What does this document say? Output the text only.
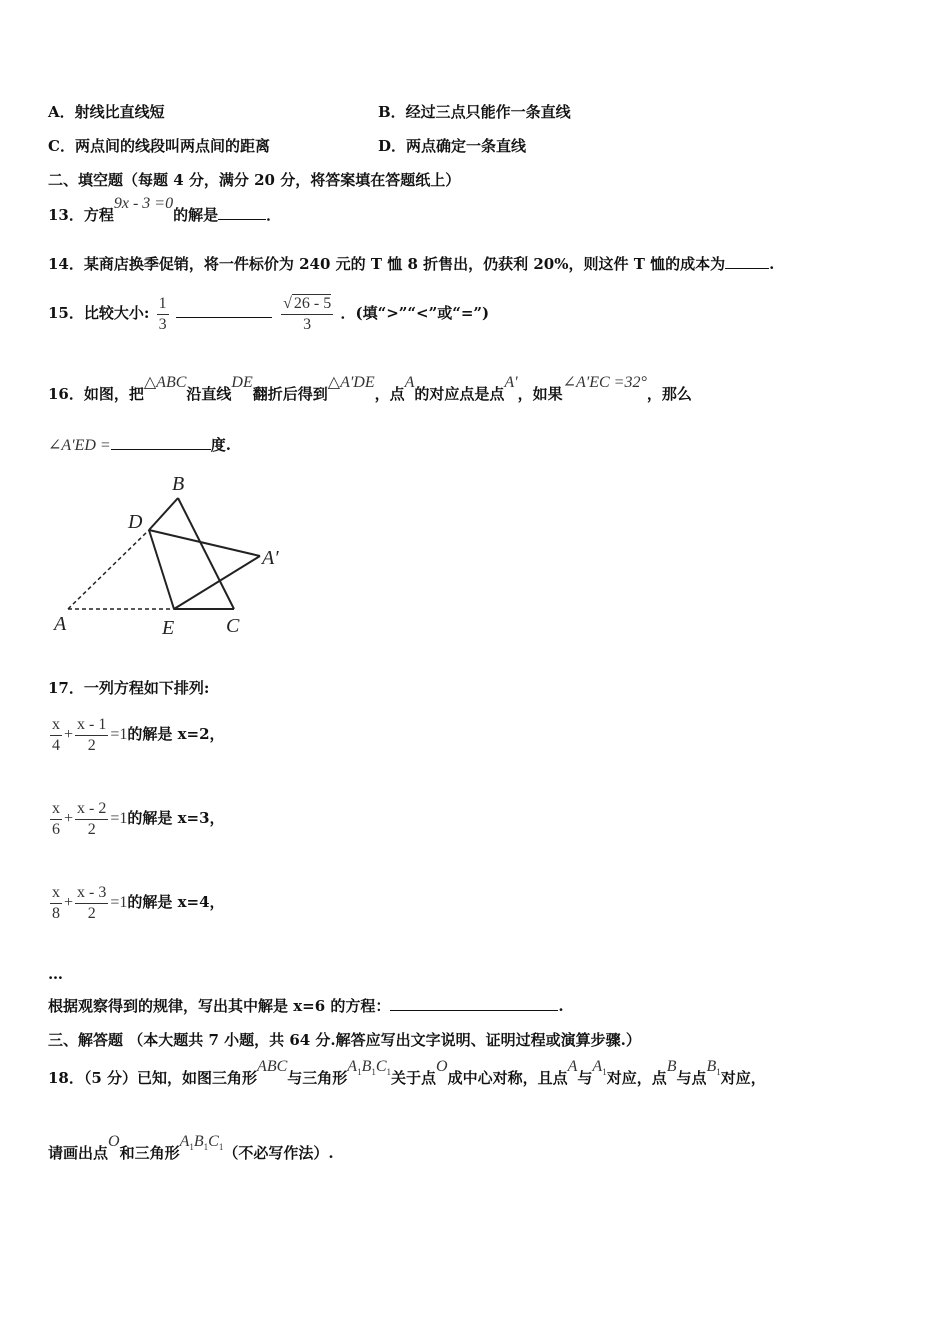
A．射线比直线短	B．经过三点只能作一条直线
C．两点间的线段叫两点间的距离	D．两点确定一条直线
二、填空题（每题 4 分，满分 20 分，将答案填在答题纸上）
13．方程9x - 3 =0的解是	．
14．某商店换季促销，将一件标价为 240 元的 T 恤 8 折售出，仍获利 20%，则这件 T 恤的成本为	.
15．比较大小: $\frac{1}{3}$
	$\frac{√ 26 - 5}{3}$ ．(填“>”“<”或“=”)
16．如图，把△ABC沿直线DE翻折后得到△A'DE，点A的对应点是点A'，如果∠A'EC =32°，那么
∠A'ED =	度.
B
D
A′
A	E	C
17．一列方程如下排列:
$\frac{x}{4} + \frac{x - 1}{2} =1$的解是 x=2，
$\frac{x}{6} + \frac{x - 2}{2} =1$的解是 x=3，
$\frac{x}{8} + \frac{x - 3}{2} =1$的解是 x=4，
…
根据观察得到的规律，写出其中解是 x=6 的方程：	.
三、解答题 （本大题共 7 小题，共 64 分.解答应写出文字说明、证明过程或演算步骤.）
18．（5 分）已知，如图三角形ABC与三角形$A_1B_1C_1$关于点O成中心对称，且点A与$A_1$对应，点B与点$B_1$对应，
请画出点O和三角形$A_1B_1C_1$（不必写作法）.
